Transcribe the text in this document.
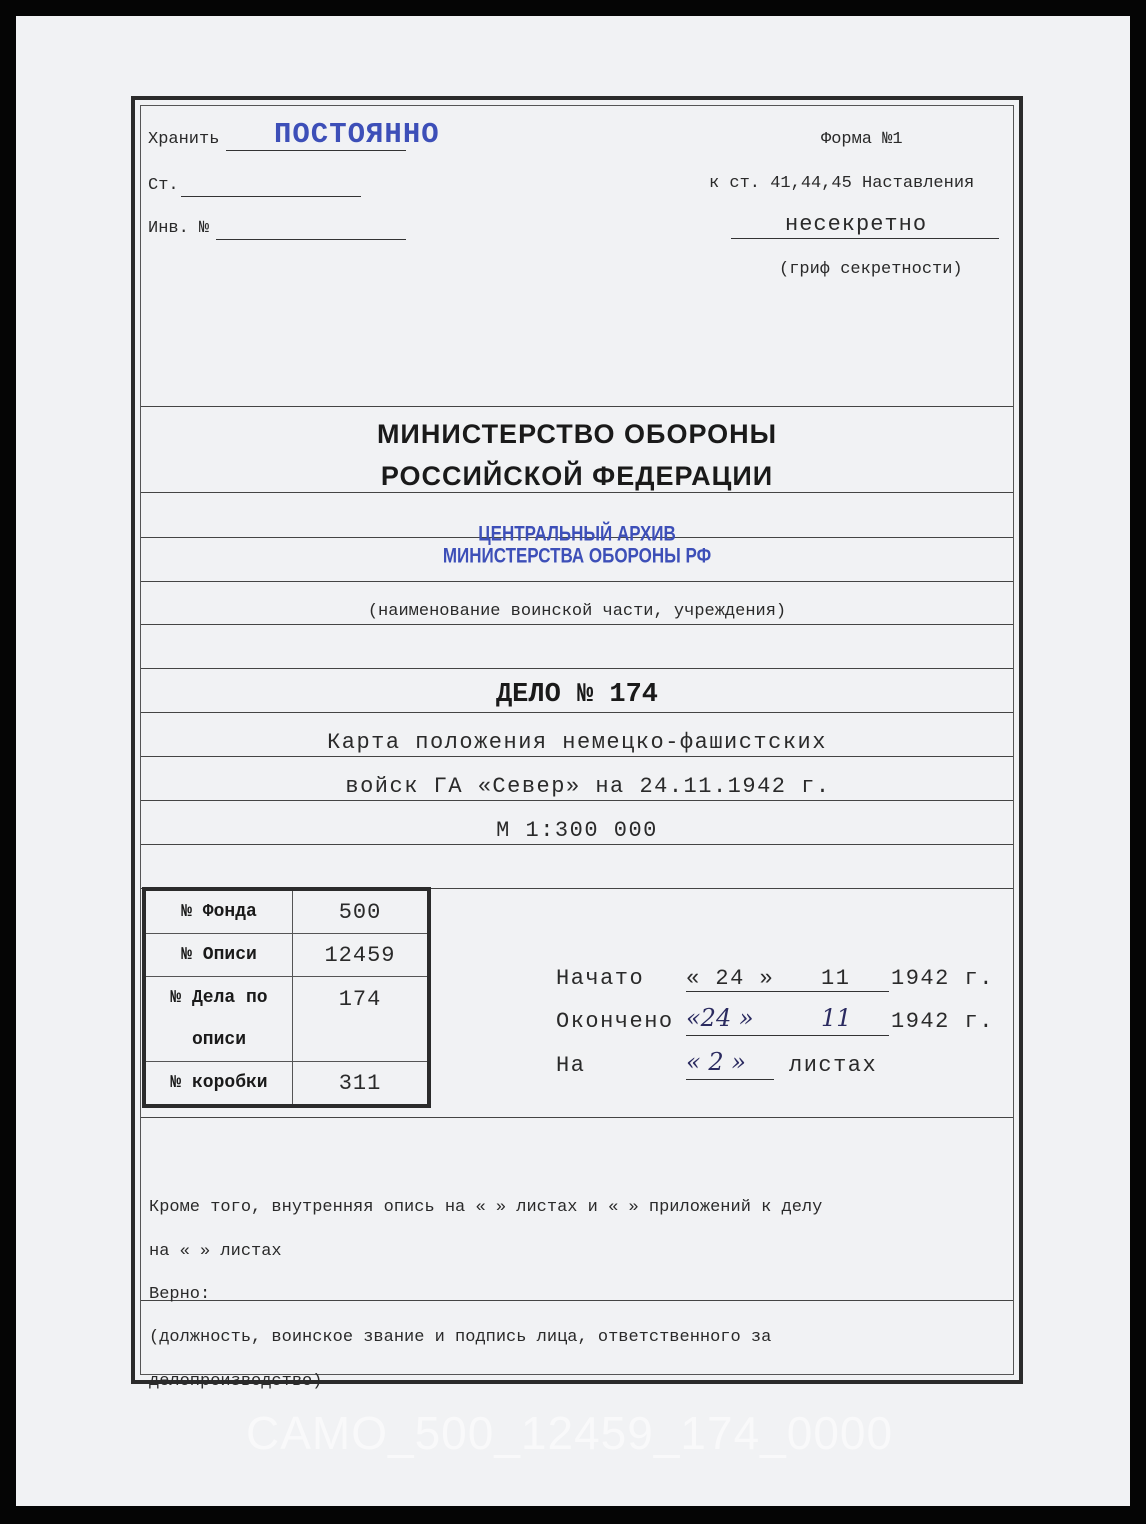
Хранить ПОСТОЯННО
Ст.
Инв. №
Форма №1
к ст. 41,44,45 Наставления
несекретно
(гриф секретности)
МИНИСТЕРСТВО ОБОРОНЫ
РОССИЙСКОЙ ФЕДЕРАЦИИ
ЦЕНТРАЛЬНЫЙ АРХИВ
МИНИСТЕРСТВА ОБОРОНЫ РФ
(наименование воинской части, учреждения)
ДЕЛО № 174
Карта положения немецко-фашистских
войск ГА «Север» на 24.11.1942 г.
М 1:300 000
№ Фонда	500
№ Описи	12459
№ Дела по	174
описи	
№ коробки	311
Начато « 24 » 11 1942 г.
Окончено «24 »	11 1942 г.
На	« 2 » листах
Кроме того, внутренняя опись на « » листах и « » приложений к делу
на « » листах
Верно:
(должность, воинское звание и подпись лица, ответственного за
делопроизводство)
CAMO_500_12459_174_0000
